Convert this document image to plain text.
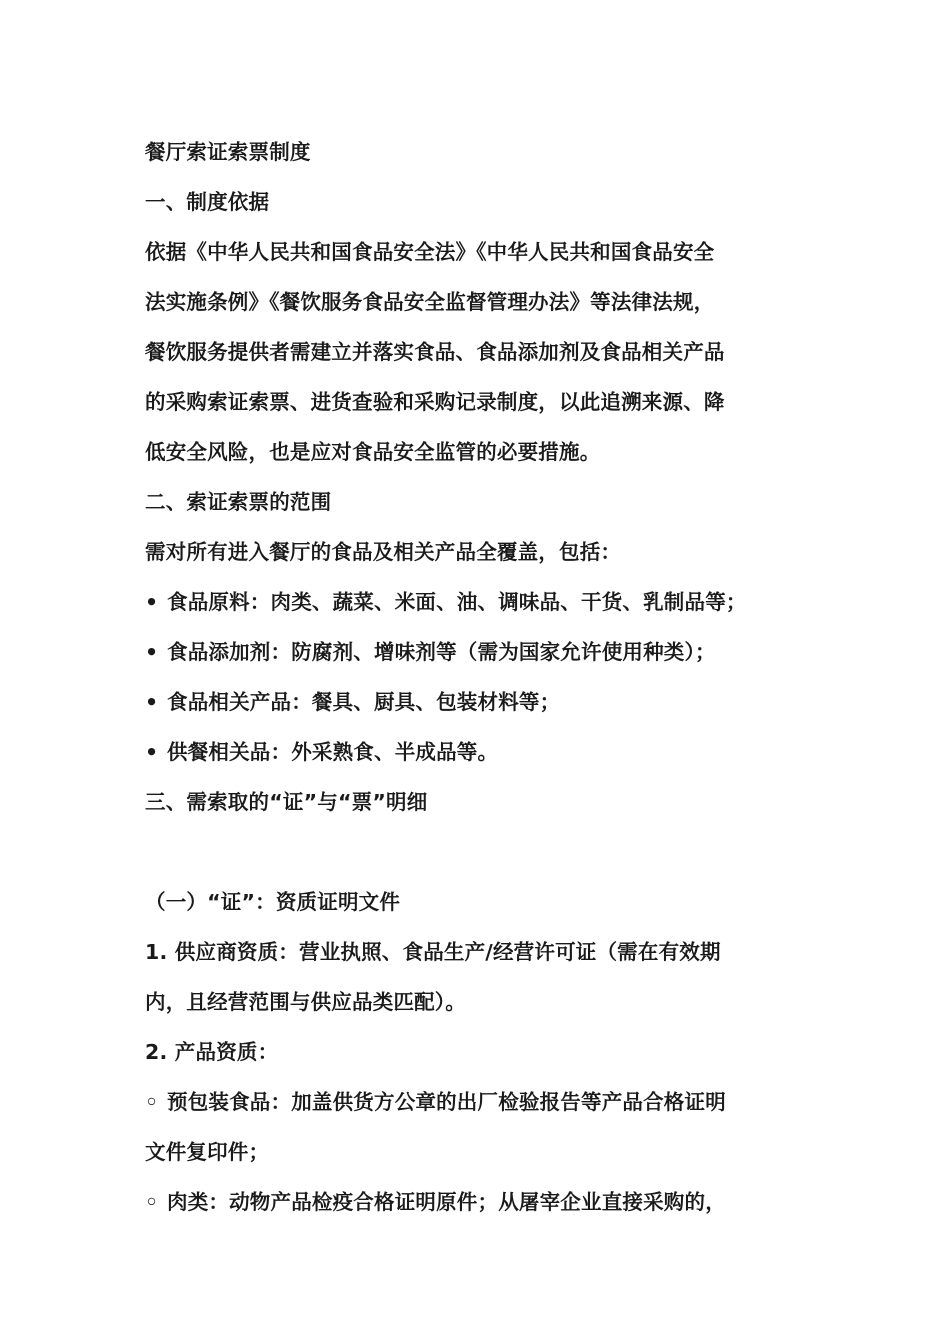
餐厅索证索票制度
一、制度依据
依据《中华人民共和国食品安全法》《中华人民共和国食品安全
法实施条例》《餐饮服务食品安全监督管理办法》等法律法规，
餐饮服务提供者需建立并落实食品、食品添加剂及食品相关产品
的采购索证索票、进货查验和采购记录制度，以此追溯来源、降
低安全风险，也是应对食品安全监管的必要措施。
二、索证索票的范围
需对所有进入餐厅的食品及相关产品全覆盖，包括：
• 食品原料：肉类、蔬菜、米面、油、调味品、干货、乳制品等；
• 食品添加剂：防腐剂、增味剂等（需为国家允许使用种类）；
• 食品相关产品：餐具、厨具、包装材料等；
• 供餐相关品：外采熟食、半成品等。
三、需索取的“证”与“票”明细
（一）“证”：资质证明文件
1. 供应商资质：营业执照、食品生产/经营许可证（需在有效期
内，且经营范围与供应品类匹配）。
2. 产品资质：
◦ 预包装食品：加盖供货方公章的出厂检验报告等产品合格证明
文件复印件；
◦ 肉类：动物产品检疫合格证明原件；从屠宰企业直接采购的，
